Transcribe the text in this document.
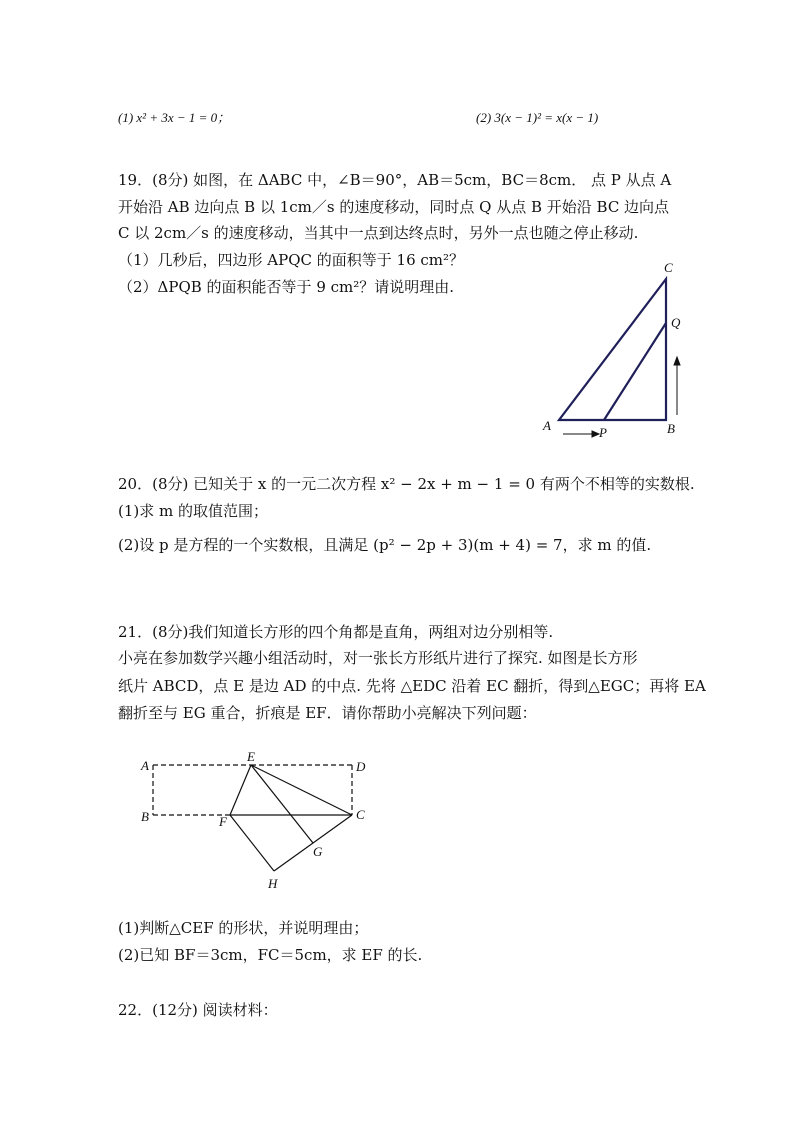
(1) x² + 3x − 1 = 0；	(2) 3(x − 1)² = x(x − 1)
19．(8分) 如图，在 ΔABC 中，∠B＝90°，AB＝5cm，BC＝8cm． 点 P 从点 A
开始沿 AB 边向点 B 以 1cm／s 的速度移动，同时点 Q 从点 B 开始沿 BC 边向点
C 以 2cm／s 的速度移动，当其中一点到达终点时，另外一点也随之停止移动.
（1）几秒后，四边形 APQC 的面积等于 16 cm²？
（2）ΔPQB 的面积能否等于 9 cm²？请说明理由.
C
Q
A	P	B
20．(8分) 已知关于 x 的一元二次方程 x² − 2x + m − 1 = 0 有两个不相等的实数根.
(1)求 m 的取值范围；
(2)设 p 是方程的一个实数根，且满足 (p² − 2p + 3)(m + 4) = 7，求 m 的值.
21．(8分)我们知道长方形的四个角都是直角，两组对边分别相等.
小亮在参加数学兴趣小组活动时，对一张长方形纸片进行了探究. 如图是长方形
纸片 ABCD，点 E 是边 AD 的中点. 先将 △EDC 沿着 EC 翻折，得到△EGC；再将 EA
翻折至与 EG 重合，折痕是 EF．请你帮助小亮解决下列问题：
A
E
D
B	F	C
G
H
(1)判断△CEF 的形状，并说明理由；
(2)已知 BF＝3cm，FC＝5cm，求 EF 的长.
22．(12分) 阅读材料：
